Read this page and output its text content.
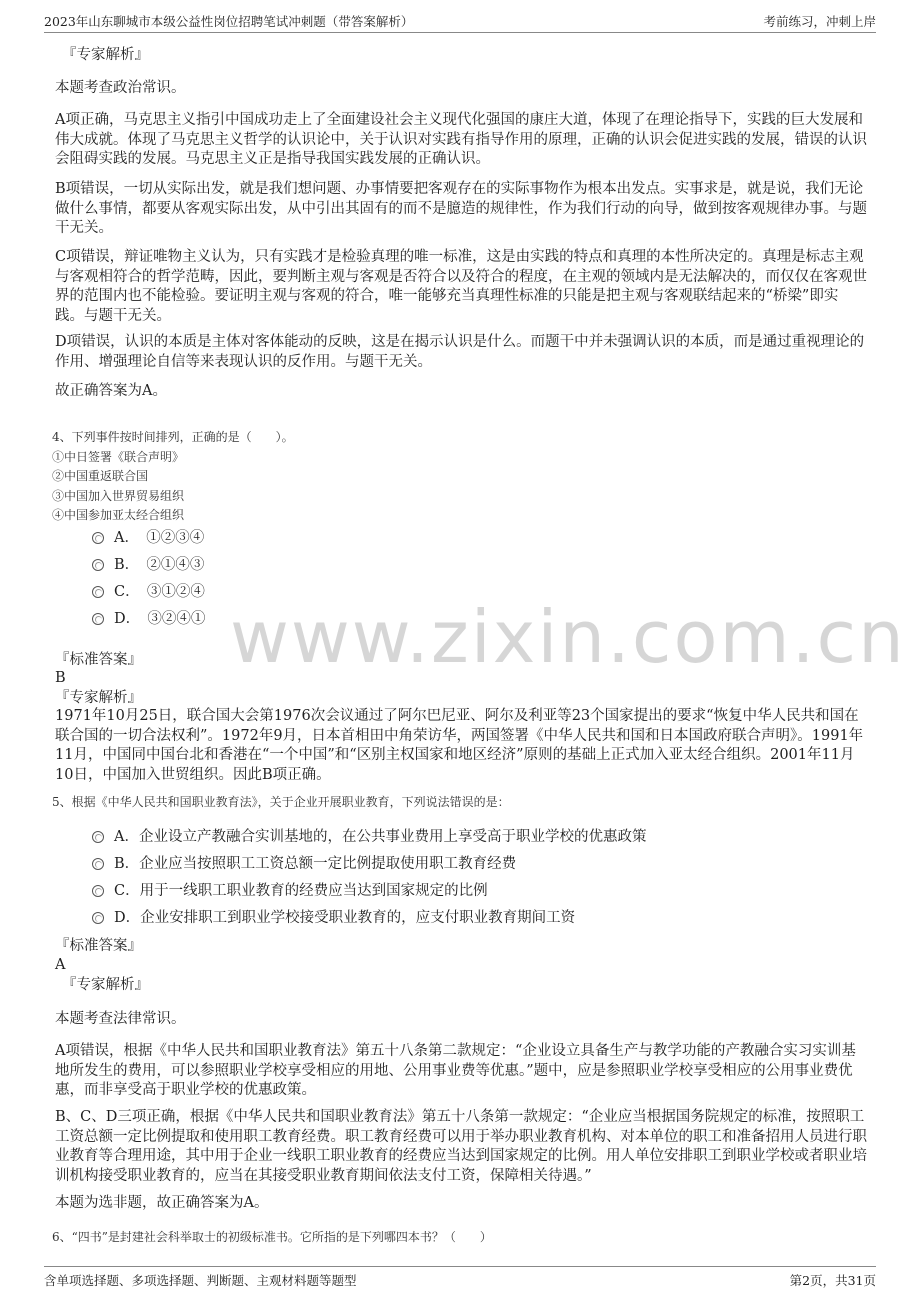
2023年山东聊城市本级公益性岗位招聘笔试冲刺题（带答案解析）	考前练习，冲刺上岸
www.zixin.com.cn
『专家解析』
本题考查政治常识。
A项正确，马克思主义指引中国成功走上了全面建设社会主义现代化强国的康庄大道，体现了在理论指导下，实践的巨大发展和伟大成就。体现了马克思主义哲学的认识论中，关于认识对实践有指导作用的原理，正确的认识会促进实践的发展，错误的认识会阻碍实践的发展。马克思主义正是指导我国实践发展的正确认识。
B项错误，一切从实际出发，就是我们想问题、办事情要把客观存在的实际事物作为根本出发点。实事求是，就是说，我们无论做什么事情，都要从客观实际出发，从中引出其固有的而不是臆造的规律性，作为我们行动的向导，做到按客观规律办事。与题干无关。
C项错误，辩证唯物主义认为，只有实践才是检验真理的唯一标准，这是由实践的特点和真理的本性所决定的。真理是标志主观与客观相符合的哲学范畴，因此，要判断主观与客观是否符合以及符合的程度，在主观的领域内是无法解决的，而仅仅在客观世界的范围内也不能检验。要证明主观与客观的符合，唯一能够充当真理性标准的只能是把主观与客观联结起来的“桥梁”即实践。与题干无关。
D项错误，认识的本质是主体对客体能动的反映，这是在揭示认识是什么。而题干中并未强调认识的本质，而是通过重视理论的作用、增强理论自信等来表现认识的反作用。与题干无关。
故正确答案为A。
4、下列事件按时间排列，正确的是（　　）。
①中日签署《联合声明》
②中国重返联合国
③中国加入世界贸易组织
④中国参加亚太经合组织
A．　①②③④
B．　②①④③
C．　③①②④
D．　③②④①
『标准答案』
B
『专家解析』
1971年10月25日，联合国大会第1976次会议通过了阿尔巴尼亚、阿尔及利亚等23个国家提出的要求“恢复中华人民共和国在联合国的一切合法权利”。1972年9月，日本首相田中角荣访华，两国签署《中华人民共和国和日本国政府联合声明》。1991年11月，中国同中国台北和香港在“一个中国”和“区别主权国家和地区经济”原则的基础上正式加入亚太经合组织。2001年11月10日，中国加入世贸组织。因此B项正确。
5、根据《中华人民共和国职业教育法》，关于企业开展职业教育，下列说法错误的是：
A．企业设立产教融合实训基地的，在公共事业费用上享受高于职业学校的优惠政策
B．企业应当按照职工工资总额一定比例提取使用职工教育经费
C．用于一线职工职业教育的经费应当达到国家规定的比例
D．企业安排职工到职业学校接受职业教育的，应支付职业教育期间工资
『标准答案』
A
『专家解析』
本题考查法律常识。
A项错误，根据《中华人民共和国职业教育法》第五十八条第二款规定：“企业设立具备生产与教学功能的产教融合实习实训基地所发生的费用，可以参照职业学校享受相应的用地、公用事业费等优惠。”题中，应是参照职业学校享受相应的公用事业费优惠，而非享受高于职业学校的优惠政策。
B、C、D三项正确，根据《中华人民共和国职业教育法》第五十八条第一款规定：“企业应当根据国务院规定的标准，按照职工工资总额一定比例提取和使用职工教育经费。职工教育经费可以用于举办职业教育机构、对本单位的职工和准备招用人员进行职业教育等合理用途，其中用于企业一线职工职业教育的经费应当达到国家规定的比例。用人单位安排职工到职业学校或者职业培训机构接受职业教育的，应当在其接受职业教育期间依法支付工资，保障相关待遇。”
本题为选非题，故正确答案为A。
6、“四书”是封建社会科举取士的初级标准书。它所指的是下列哪四本书？（　　）
含单项选择题、多项选择题、判断题、主观材料题等题型	第2页，共31页
